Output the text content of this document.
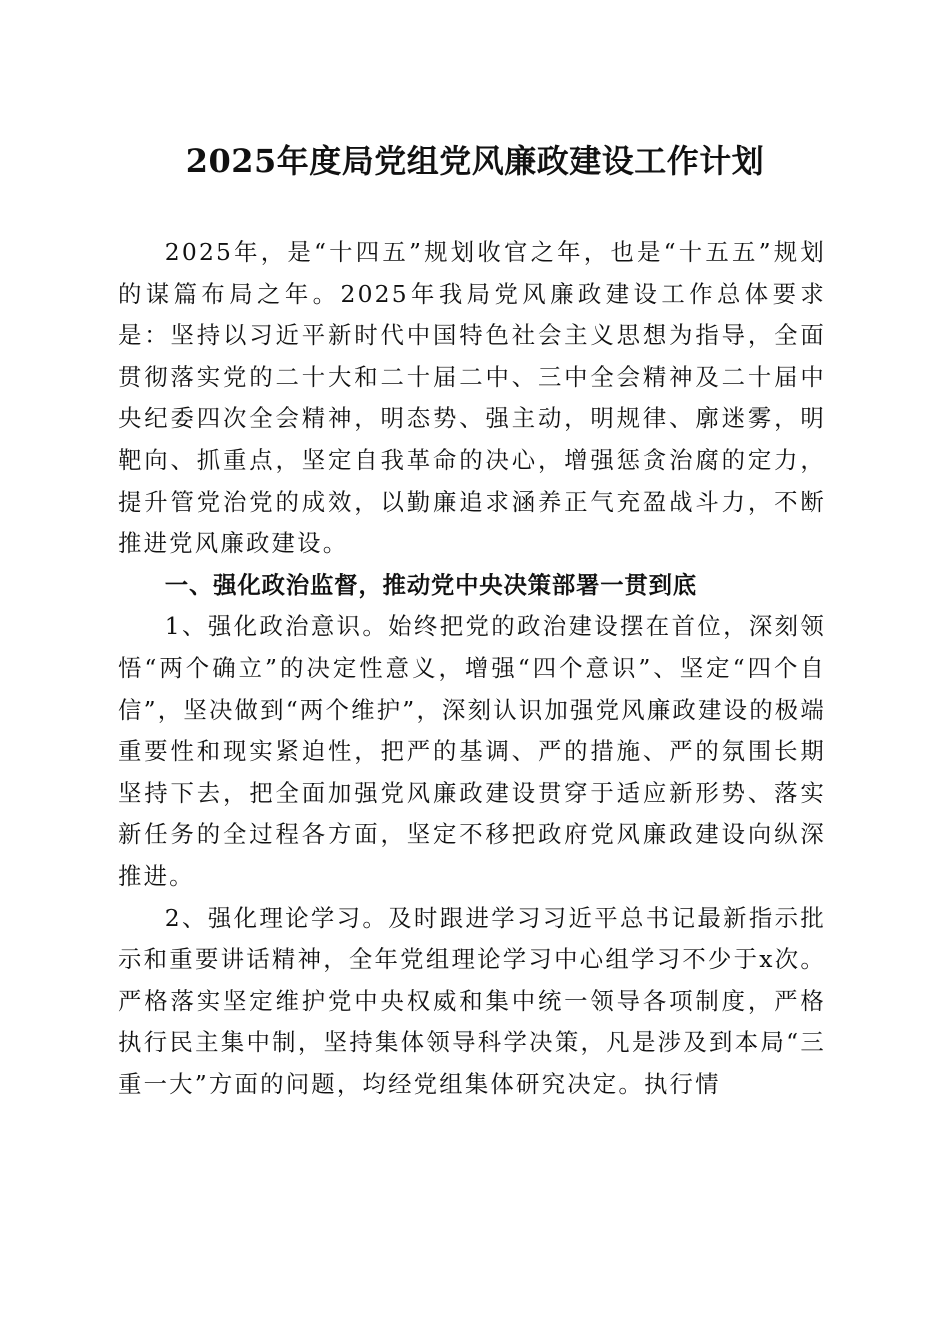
2025年度局党组党风廉政建设工作计划

2025年，是“十四五”规划收官之年，也是“十五五”规划的谋篇布局之年。2025年我局党风廉政建设工作总体要求是：坚持以习近平新时代中国特色社会主义思想为指导，全面贯彻落实党的二十大和二十届二中、三中全会精神及二十届中央纪委四次全会精神，明态势、强主动，明规律、廓迷雾，明靶向、抓重点，坚定自我革命的决心，增强惩贪治腐的定力，提升管党治党的成效，以勤廉追求涵养正气充盈战斗力，不断推进党风廉政建设。

一、强化政治监督，推动党中央决策部署一贯到底

1、强化政治意识。始终把党的政治建设摆在首位，深刻领悟“两个确立”的决定性意义，增强“四个意识”、坚定“四个自信”，坚决做到“两个维护”，深刻认识加强党风廉政建设的极端重要性和现实紧迫性，把严的基调、严的措施、严的氛围长期坚持下去，把全面加强党风廉政建设贯穿于适应新形势、落实新任务的全过程各方面，坚定不移把政府党风廉政建设向纵深推进。

2、强化理论学习。及时跟进学习习近平总书记最新指示批示和重要讲话精神，全年党组理论学习中心组学习不少于x次。严格落实坚定维护党中央权威和集中统一领导各项制度，严格执行民主集中制，坚持集体领导科学决策，凡是涉及到本局“三重一大”方面的问题，均经党组集体研究决定。执行情
